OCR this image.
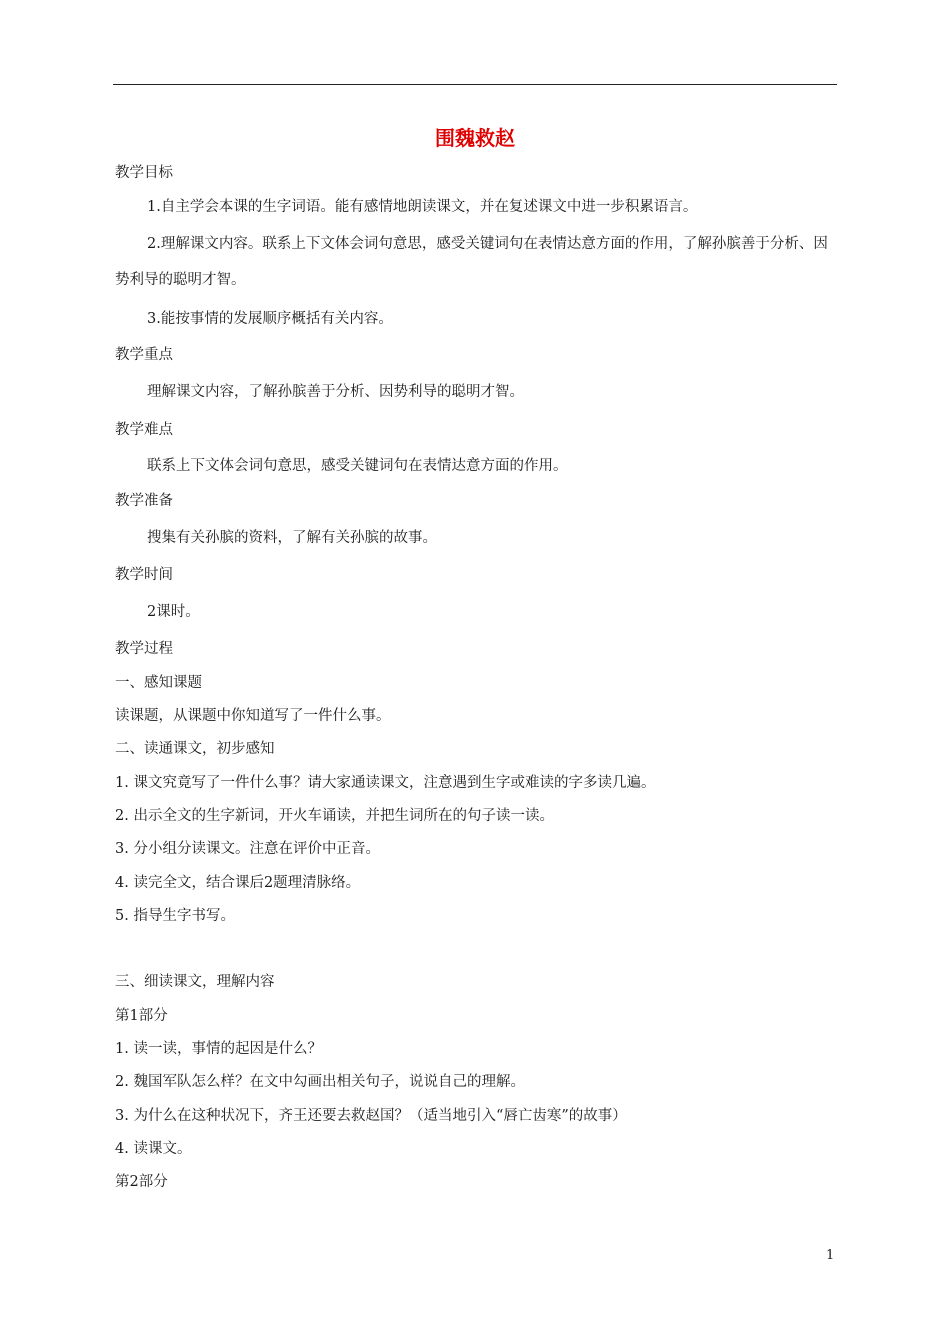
围魏救赵
教学目标
1.自主学会本课的生字词语。能有感情地朗读课文，并在复述课文中进一步积累语言。
2.理解课文内容。联系上下文体会词句意思，感受关键词句在表情达意方面的作用，了解孙膑善于分析、因势利导的聪明才智。
3.能按事情的发展顺序概括有关内容。
教学重点
理解课文内容，了解孙膑善于分析、因势利导的聪明才智。
教学难点
联系上下文体会词句意思，感受关键词句在表情达意方面的作用。
教学准备
搜集有关孙膑的资料，了解有关孙膑的故事。
教学时间
2课时。
教学过程
一、感知课题
读课题，从课题中你知道写了一件什么事。
二、读通课文，初步感知
1. 课文究竟写了一件什么事？请大家通读课文，注意遇到生字或难读的字多读几遍。
2. 出示全文的生字新词，开火车诵读，并把生词所在的句子读一读。
3. 分小组分读课文。注意在评价中正音。
4. 读完全文，结合课后2题理清脉络。
5. 指导生字书写。
三、细读课文，理解内容
第1部分
1. 读一读，事情的起因是什么？
2. 魏国军队怎么样？在文中勾画出相关句子，说说自己的理解。
3. 为什么在这种状况下，齐王还要去救赵国？（适当地引入“唇亡齿寒”的故事）
4. 读课文。
第2部分
1
